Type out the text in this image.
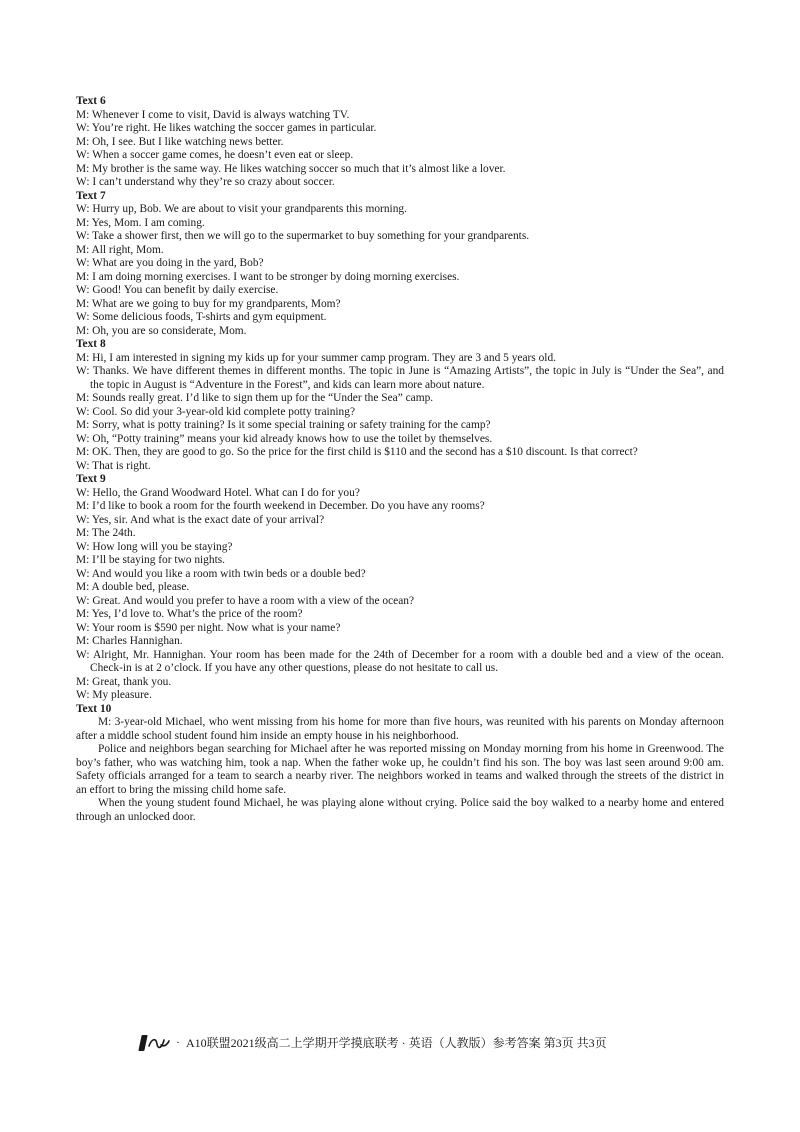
Text 6
M: Whenever I come to visit, David is always watching TV.
W: You’re right. He likes watching the soccer games in particular.
M: Oh, I see. But I like watching news better.
W: When a soccer game comes, he doesn’t even eat or sleep.
M: My brother is the same way. He likes watching soccer so much that it’s almost like a lover.
W: I can’t understand why they’re so crazy about soccer.
Text 7
W: Hurry up, Bob. We are about to visit your grandparents this morning.
M: Yes, Mom. I am coming.
W: Take a shower first, then we will go to the supermarket to buy something for your grandparents.
M: All right, Mom.
W: What are you doing in the yard, Bob?
M: I am doing morning exercises. I want to be stronger by doing morning exercises.
W: Good! You can benefit by daily exercise.
M: What are we going to buy for my grandparents, Mom?
W: Some delicious foods, T-shirts and gym equipment.
M: Oh, you are so considerate, Mom.
Text 8
M: Hi, I am interested in signing my kids up for your summer camp program. They are 3 and 5 years old.
W: Thanks. We have different themes in different months. The topic in June is “Amazing Artists”, the topic in July is “Under the Sea”, and the topic in August is “Adventure in the Forest”, and kids can learn more about nature.
M: Sounds really great. I’d like to sign them up for the “Under the Sea” camp.
W: Cool. So did your 3-year-old kid complete potty training?
M: Sorry, what is potty training? Is it some special training or safety training for the camp?
W: Oh, “Potty training” means your kid already knows how to use the toilet by themselves.
M: OK. Then, they are good to go. So the price for the first child is $110 and the second has a $10 discount. Is that correct?
W: That is right.
Text 9
W: Hello, the Grand Woodward Hotel. What can I do for you?
M: I’d like to book a room for the fourth weekend in December. Do you have any rooms?
W: Yes, sir. And what is the exact date of your arrival?
M: The 24th.
W: How long will you be staying?
M: I’ll be staying for two nights.
W: And would you like a room with twin beds or a double bed?
M: A double bed, please.
W: Great. And would you prefer to have a room with a view of the ocean?
M: Yes, I’d love to. What’s the price of the room?
W: Your room is $590 per night. Now what is your name?
M: Charles Hannighan.
W: Alright, Mr. Hannighan. Your room has been made for the 24th of December for a room with a double bed and a view of the ocean. Check-in is at 2 o’clock. If you have any other questions, please do not hesitate to call us.
M: Great, thank you.
W: My pleasure.
Text 10

M: 3-year-old Michael, who went missing from his home for more than five hours, was reunited with his parents on Monday afternoon after a middle school student found him inside an empty house in his neighborhood.

Police and neighbors began searching for Michael after he was reported missing on Monday morning from his home in Greenwood. The boy’s father, who was watching him, took a nap. When the father woke up, he couldn’t find his son. The boy was last seen around 9:00 am. Safety officials arranged for a team to search a nearby river. The neighbors worked in teams and walked through the streets of the district in an effort to bring the missing child home safe.

When the young student found Michael, he was playing alone without crying. Police said the boy walked to a nearby home and entered through an unlocked door.

· A10联盟2021级高二上学期开学摸底联考 · 英语（人教版）参考答案 第3页 共3页
